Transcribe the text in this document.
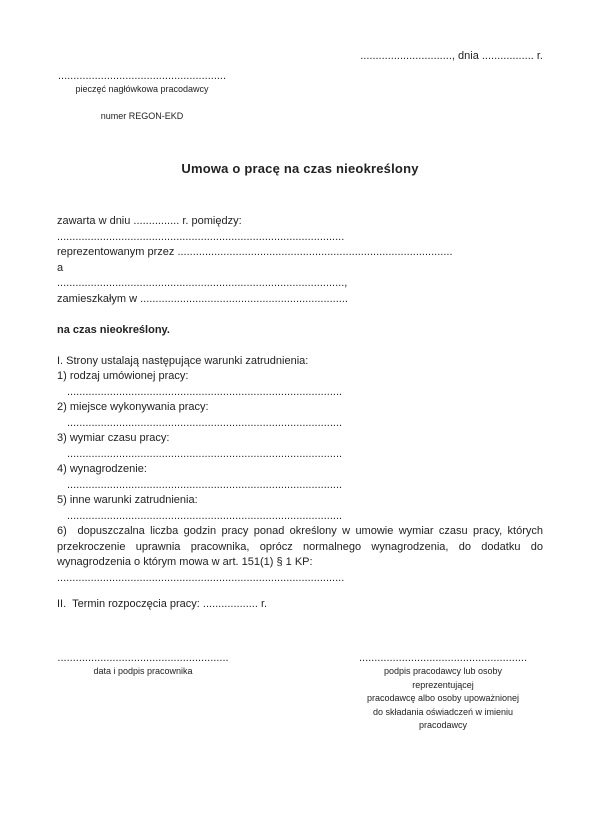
.............................., dnia ................. r.
.......................................................
pieczęć nagłówkowa pracodawcy
numer REGON-EKD
Umowa o pracę na czas nieokreślony
zawarta w dniu ............... r. pomiędzy:
..............................................................................................
reprezentowanym przez ..........................................................................................
a
..............................................................................................,
zamieszkałym w ....................................................................

na czas nieokreślony.

I. Strony ustalają następujące warunki zatrudnienia:
1) rodzaj umówionej pracy:
..........................................................................................
2) miejsce wykonywania pracy:
..........................................................................................
3) wymiar czasu pracy:
..........................................................................................
4) wynagrodzenie:
..........................................................................................
5) inne warunki zatrudnienia:
..........................................................................................
6)  dopuszczalna liczba godzin pracy ponad określony w umowie wymiar czasu pracy, których przekroczenie uprawnia pracownika, oprócz normalnego wynagrodzenia, do dodatku do wynagrodzenia o którym mowa w art. 151(1) § 1 KP:
..............................................................................................

II.  Termin rozpoczęcia pracy: .................. r.
........................................................
data i podpis pracownika
.......................................................
podpis pracodawcy lub osoby reprezentującej
pracodawcę albo osoby upoważnionej
do składania oświadczeń w imieniu pracodawcy
